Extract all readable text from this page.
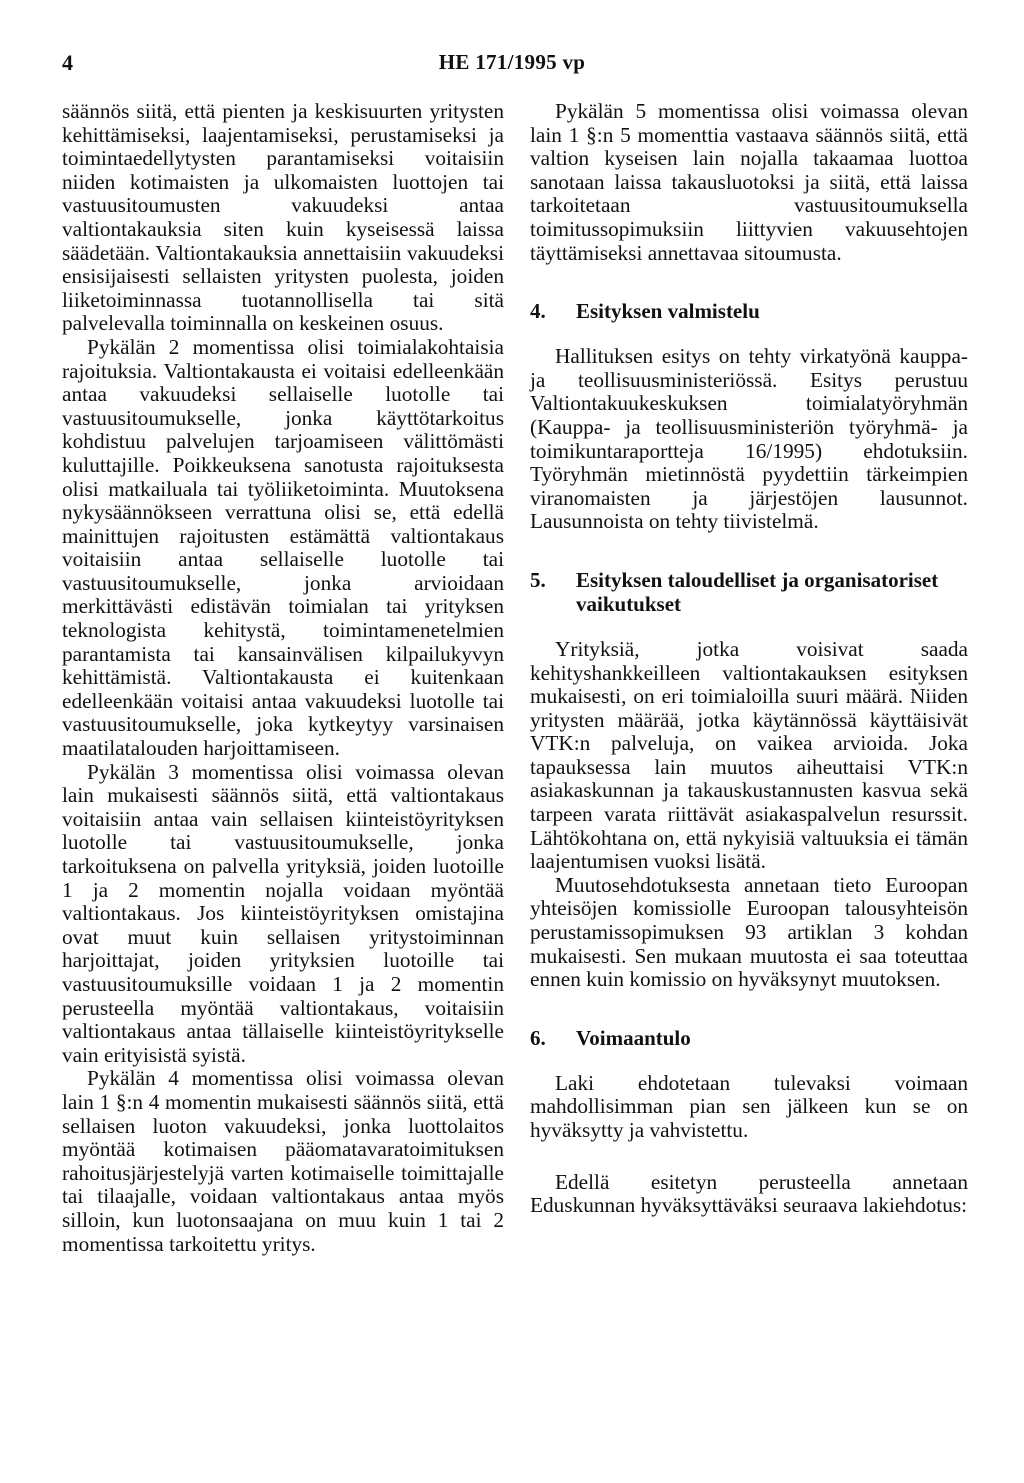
4	HE 171/1995 vp

säännös siitä, että pienten ja keskisuurten yritysten kehittämiseksi, laajentamiseksi, perustamiseksi ja toimintaedellytysten parantamiseksi voitaisiin niiden kotimaisten ja ulkomaisten luottojen tai vastuusitoumusten vakuudeksi antaa valtiontakauksia siten kuin kyseisessä laissa säädetään. Valtiontakauksia annettaisiin vakuudeksi ensisijaisesti sellaisten yritysten puolesta, joiden liiketoiminnassa tuotannollisella tai sitä palvelevalla toiminnalla on keskeinen osuus.

Pykälän 2 momentissa olisi toimialakohtaisia rajoituksia. Valtiontakausta ei voitaisi edelleenkään antaa vakuudeksi sellaiselle luotolle tai vastuusitoumukselle, jonka käyttötarkoitus kohdistuu palvelujen tarjoamiseen välittömästi kuluttajille. Poikkeuksena sanotusta rajoituksesta olisi matkailuala tai työliiketoiminta. Muutoksena nykysäännökseen verrattuna olisi se, että edellä mainittujen rajoitusten estämättä valtiontakaus voitaisiin antaa sellaiselle luotolle tai vastuusitoumukselle, jonka arvioidaan merkittävästi edistävän toimialan tai yrityksen teknologista kehitystä, toimintamenetelmien parantamista tai kansainvälisen kilpailukyvyn kehittämistä. Valtiontakausta ei kuitenkaan edelleenkään voitaisi antaa vakuudeksi luotolle tai vastuusitoumukselle, joka kytkeytyy varsinaisen maatilatalouden harjoittamiseen.

Pykälän 3 momentissa olisi voimassa olevan lain mukaisesti säännös siitä, että valtiontakaus voitaisiin antaa vain sellaisen kiinteistöyrityksen luotolle tai vastuusitoumukselle, jonka tarkoituksena on palvella yrityksiä, joiden luotoille 1 ja 2 momentin nojalla voidaan myöntää valtiontakaus. Jos kiinteistöyrityksen omistajina ovat muut kuin sellaisen yritystoiminnan harjoittajat, joiden yrityksien luotoille tai vastuusitoumuksille voidaan 1 ja 2 momentin perusteella myöntää valtiontakaus, voitaisiin valtiontakaus antaa tällaiselle kiinteistöyritykselle vain erityisistä syistä.

Pykälän 4 momentissa olisi voimassa olevan lain 1 §:n 4 momentin mukaisesti säännös siitä, että sellaisen luoton vakuudeksi, jonka luottolaitos myöntää kotimaisen pääomatavaratoimituksen rahoitusjärjestelyjä varten kotimaiselle toimittajalle tai tilaajalle, voidaan valtiontakaus antaa myös silloin, kun luotonsaajana on muu kuin 1 tai 2 momentissa tarkoitettu yritys.

Pykälän 5 momentissa olisi voimassa olevan lain 1 §:n 5 momenttia vastaava säännös siitä, että valtion kyseisen lain nojalla takaamaa luottoa sanotaan laissa takausluotoksi ja siitä, että laissa tarkoitetaan vastuusitoumuksella toimitussopimuksiin liittyvien vakuusehtojen täyttämiseksi annettavaa sitoumusta.

4.	Esityksen valmistelu

Hallituksen esitys on tehty virkatyönä kauppa- ja teollisuusministeriössä. Esitys perustuu Valtiontakuukeskuksen toimialatyöryhmän (Kauppa- ja teollisuusministeriön työryhmä- ja toimikuntaraportteja 16/1995) ehdotuksiin. Työryhmän mietinnöstä pyydettiin tärkeimpien viranomaisten ja järjestöjen lausunnot. Lausunnoista on tehty tiivistelmä.

5.	Esityksen taloudelliset ja organisatoriset vaikutukset

Yrityksiä, jotka voisivat saada kehityshankkeilleen valtiontakauksen esityksen mukaisesti, on eri toimialoilla suuri määrä. Niiden yritysten määrää, jotka käytännössä käyttäisivät VTK:n palveluja, on vaikea arvioida. Joka tapauksessa lain muutos aiheuttaisi VTK:n asiakaskunnan ja takauskustannusten kasvua sekä tarpeen varata riittävät asiakaspalvelun resurssit. Lähtökohtana on, että nykyisiä valtuuksia ei tämän laajentumisen vuoksi lisätä.

Muutosehdotuksesta annetaan tieto Euroopan yhteisöjen komissiolle Euroopan talousyhteisön perustamissopimuksen 93 artiklan 3 kohdan mukaisesti. Sen mukaan muutosta ei saa toteuttaa ennen kuin komissio on hyväksynyt muutoksen.

6.	Voimaantulo

Laki ehdotetaan tulevaksi voimaan mahdollisimman pian sen jälkeen kun se on hyväksytty ja vahvistettu.

Edellä esitetyn perusteella annetaan Eduskunnan hyväksyttäväksi seuraava lakiehdotus:
